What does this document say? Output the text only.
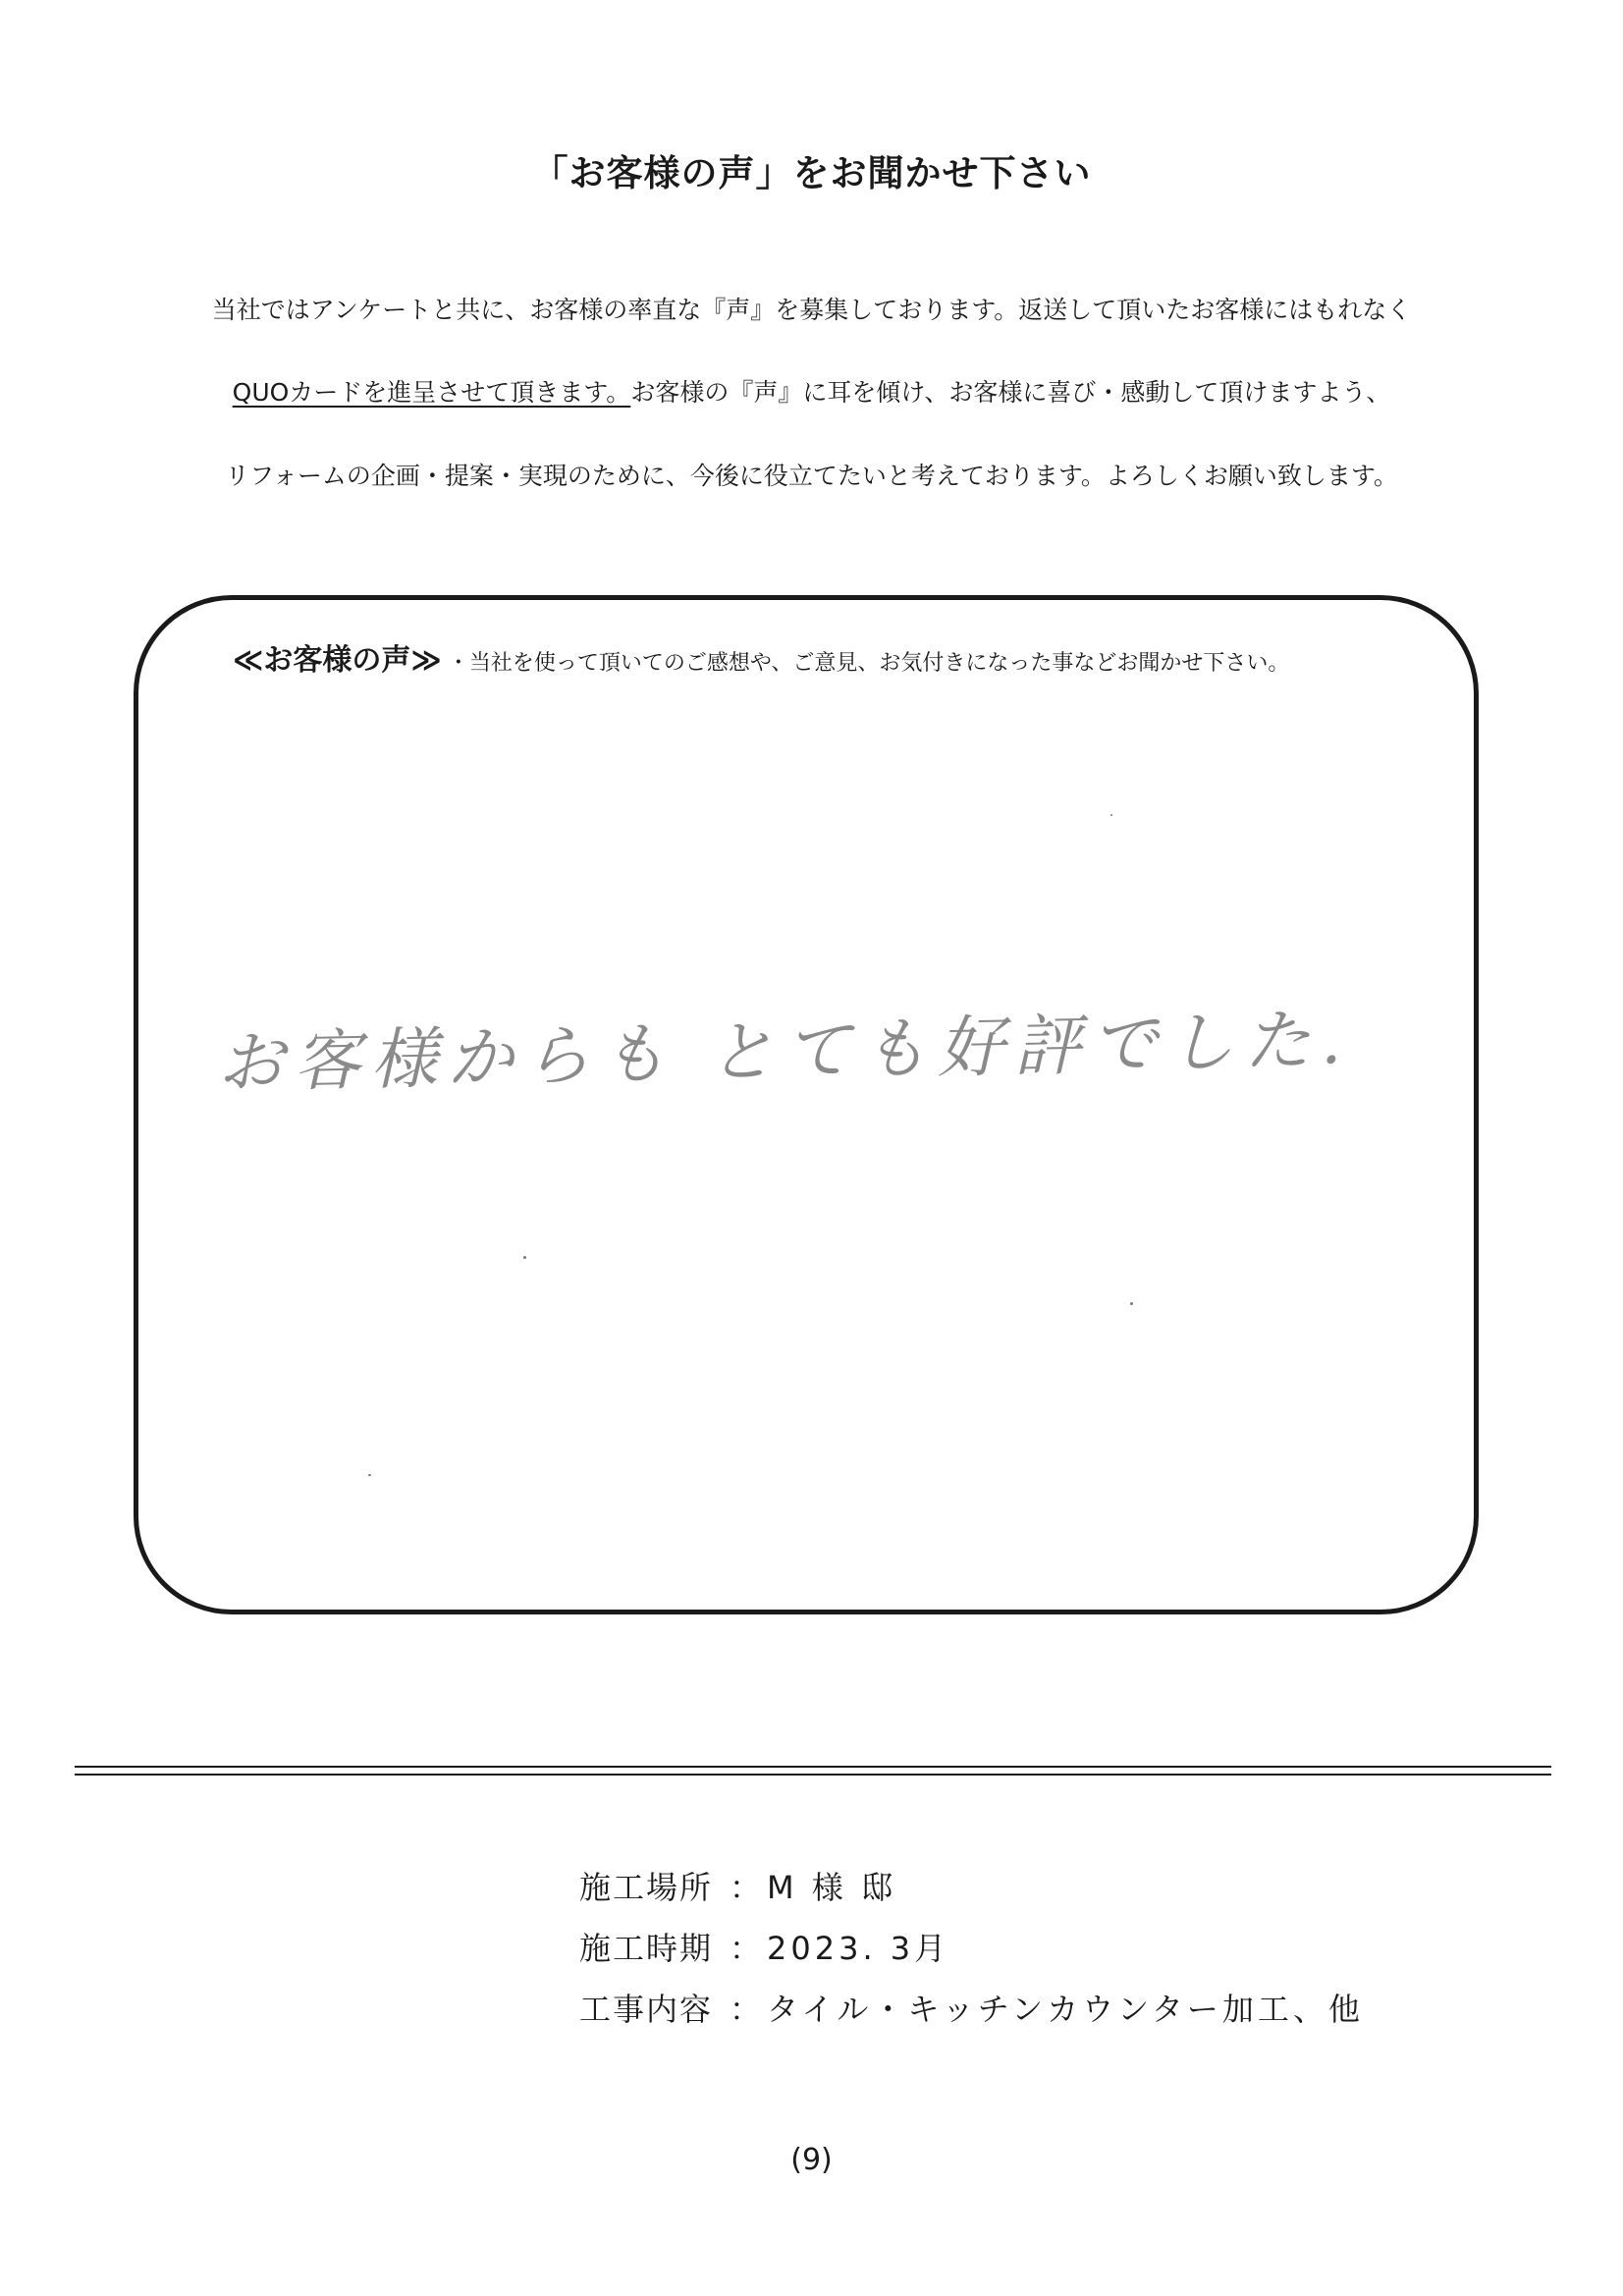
「お客様の声」をお聞かせ下さい
当社ではアンケートと共に、お客様の率直な『声』を募集しております。返送して頂いたお客様にはもれなく
QUOカードを進呈させて頂きます。お客様の『声』に耳を傾け、お客様に喜び・感動して頂けますよう、
リフォームの企画・提案・実現のために、今後に役立てたいと考えております。よろしくお願い致します。
≪お客様の声≫ ・当社を使って頂いてのご感想や、ご意見、お気付きになった事などお聞かせ下さい。
お客様からも とても好評でした.
施工場所 ： M 様 邸
施工時期 ： 2023. 3月
工事内容 ： タイル・キッチンカウンター加工、他
(9)
